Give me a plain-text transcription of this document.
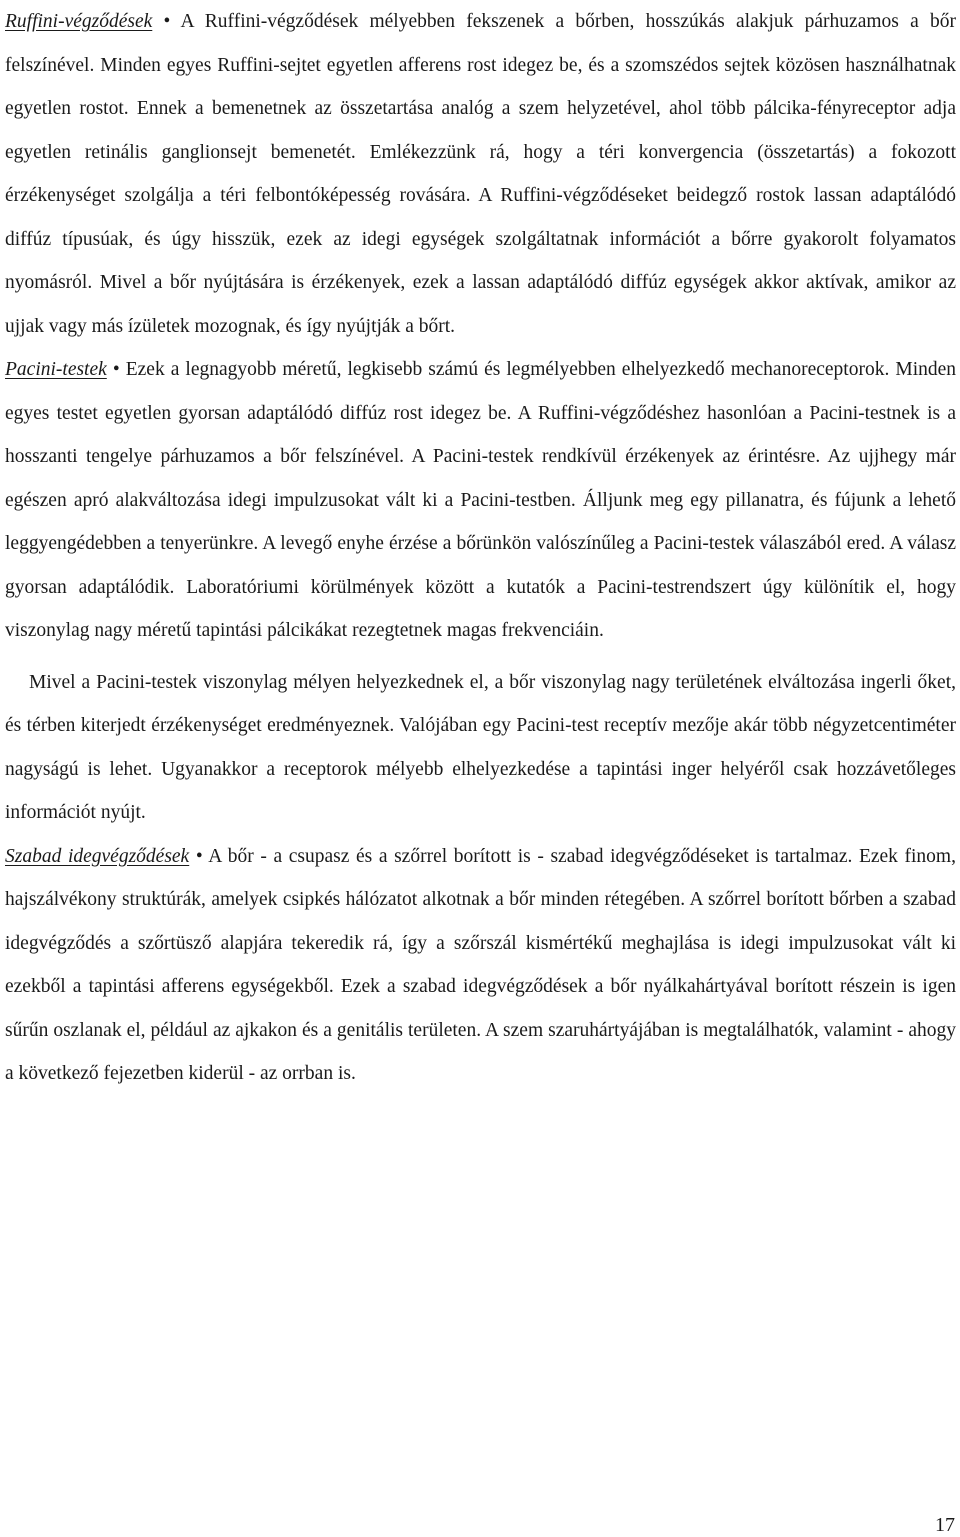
Ruffini-végződések • A Ruffini-végződések mélyebben fekszenek a bőrben, hosszúkás alakjuk párhuzamos a bőr felszínével. Minden egyes Ruffini-sejtet egyetlen afferens rost idegez be, és a szomszédos sejtek közösen használhatnak egyetlen rostot. Ennek a bemenetnek az összetartása analóg a szem helyzetével, ahol több pálcika-fényreceptor adja egyetlen retinális ganglionsejt bemenetét. Emlékezzünk rá, hogy a téri konvergencia (összetartás) a fokozott érzékenységet szolgálja a téri felbontóképesség rovására. A Ruffini-végződéseket beidegző rostok lassan adaptálódó diffúz típusúak, és úgy hisszük, ezek az idegi egységek szolgáltatnak információt a bőrre gyakorolt folyamatos nyomásról. Mivel a bőr nyújtására is érzékenyek, ezek a lassan adaptálódó diffúz egységek akkor aktívak, amikor az ujjak vagy más ízületek mozognak, és így nyújtják a bőrt.

Pacini-testek • Ezek a legnagyobb méretű, legkisebb számú és legmélyebben elhelyezkedő mechanoreceptorok. Minden egyes testet egyetlen gyorsan adaptálódó diffúz rost idegez be. A Ruffini-végződéshez hasonlóan a Pacini-testnek is a hosszanti tengelye párhuzamos a bőr felszínével. A Pacini-testek rendkívül érzékenyek az érintésre. Az ujjhegy már egészen apró alakváltozása idegi impulzusokat vált ki a Pacini-testben. Álljunk meg egy pillanatra, és fújunk a lehető leggyengédebben a tenyerünkre. A levegő enyhe érzése a bőrünkön valószínűleg a Pacini-testek válaszából ered. A válasz gyorsan adaptálódik. Laboratóriumi körülmények között a kutatók a Pacini-testrendszert úgy különítik el, hogy viszonylag nagy méretű tapintási pálcikákat rezegtetnek magas frekvenciáin.

Mivel a Pacini-testek viszonylag mélyen helyezkednek el, a bőr viszonylag nagy területének elváltozása ingerli őket, és térben kiterjedt érzékenységet eredményeznek. Valójában egy Pacini-test receptív mezője akár több négyzetcentiméter nagyságú is lehet. Ugyanakkor a receptorok mélyebb elhelyezkedése a tapintási inger helyéről csak hozzávetőleges információt nyújt.

Szabad idegvégződések • A bőr - a csupasz és a szőrrel borított is - szabad idegvégződéseket is tartalmaz. Ezek finom, hajszálvékony struktúrák, amelyek csipkés hálózatot alkotnak a bőr minden rétegében. A szőrrel borított bőrben a szabad idegvégződés a szőrtüsző alapjára tekeredik rá, így a szőrszál kismértékű meghajlása is idegi impulzusokat vált ki ezekből a tapintási afferens egységekből. Ezek a szabad idegvégződések a bőr nyálkahártyával borított részein is igen sűrűn oszlanak el, például az ajkakon és a genitális területen. A szem szaruhártyájában is megtalálhatók, valamint - ahogy a következő fejezetben kiderül - az orrban is.

17
